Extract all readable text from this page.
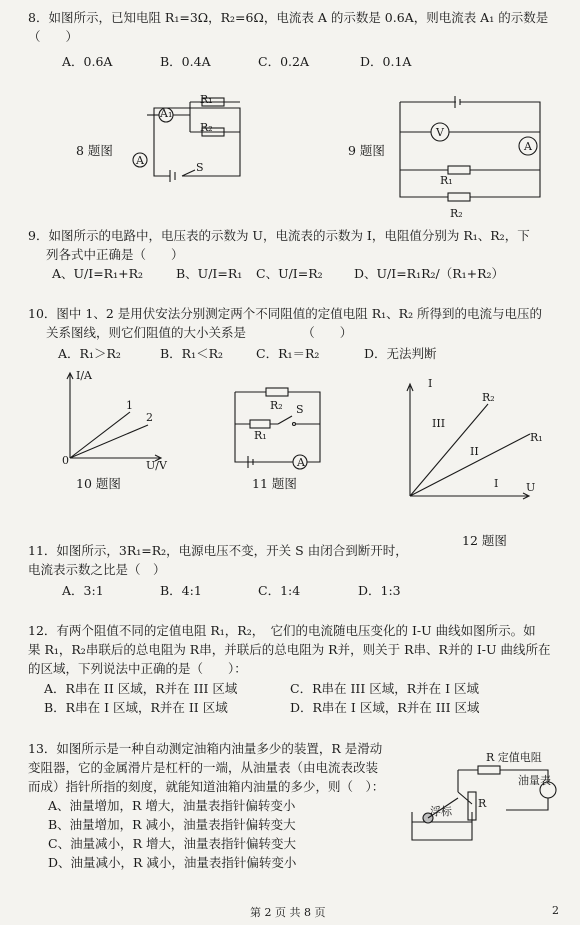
8．如图所示，已知电阻 R₁=3Ω，R₂=6Ω，电流表 A 的示数是 0.6A，则电流表 A₁ 的示数是
（　　）
A．0.6A	B．0.4A	C．0.2A	D．0.1A
A₁
R₁
R₂
A
S
8 题图
V
A
R₁
R₂
9 题图
9．如图所示的电路中，电压表的示数为 U，电流表的示数为 I，电阻值分别为 R₁、R₂，下
列各式中正确是（　　）
A、U/I=R₁+R₂	B、U/I=R₁ C、U/I=R₂	D、U/I=R₁R₂/（R₁+R₂）
10．图中 1、2 是用伏安法分别测定两个不同阻值的定值电阻 R₁、R₂ 所得到的电流与电压的
关系图线，则它们阻值的大小关系是　　　　　（　　）
A．R₁＞R₂	B．R₁＜R₂	C．R₁＝R₂	D．无法判断
I/A
U/V
0
1
2
10 题图
R₂
R₁
S
A
11 题图
I
U
R₂
R₁
III
II
I
12 题图
11．如图所示，3R₁=R₂，电源电压不变，开关 S 由闭合到断开时，
电流表示数之比是（　）
A．3:1	B．4:1	C．1:4	D．1:3
12．有两个阻值不同的定值电阻 R₁，R₂，　它们的电流随电压变化的 I-U 曲线如图所示。如
果 R₁，R₂串联后的总电阻为 R串，并联后的总电阻为 R并，则关于 R串、R并的 I-U 曲线所在
的区域，下列说法中正确的是（　　）：
A．R串在 II 区域，R并在 III 区域	C．R串在 III 区域，R并在 I 区域
B．R串在 I 区域，R并在 II 区域	D．R串在 I 区域，R并在 III 区域
13．如图所示是一种自动测定油箱内油量多少的装置，R 是滑动
变阻器，它的金属滑片是杠杆的一端，从油量表（由电流表改装
而成）指针所指的刻度，就能知道油箱内油量的多少，则（　）：
A、油量增加，R 增大，油量表指针偏转变小
B、油量增加，R 减小，油量表指针偏转变大
C、油量减小，R 增大，油量表指针偏转变大
D、油量减小，R 减小，油量表指针偏转变小
R 定值电阻
R
浮标
油量表
第 2 页 共 8 页	2
